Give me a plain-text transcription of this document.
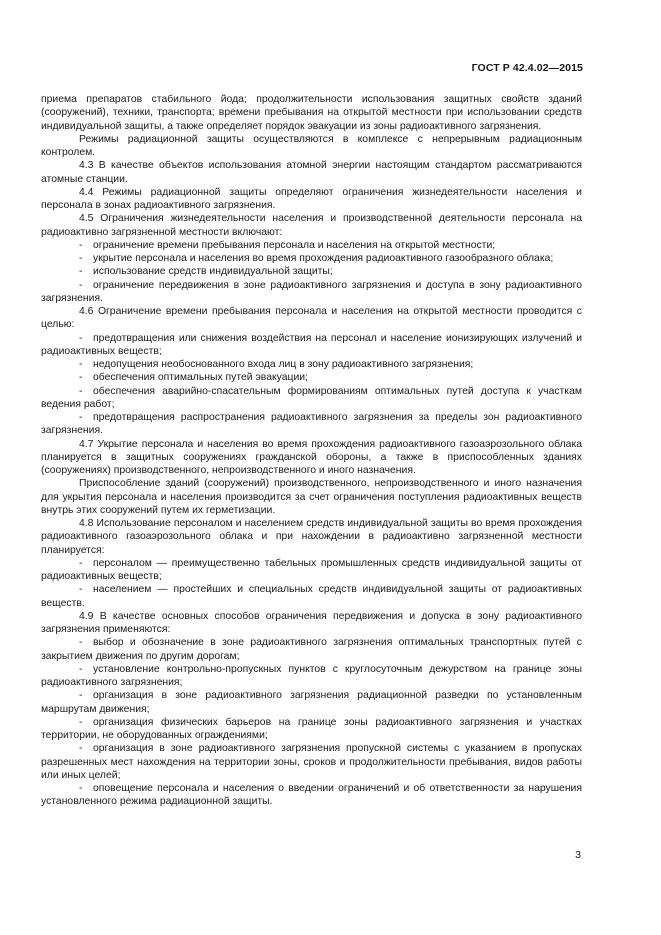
ГОСТ Р 42.4.02—2015

приема препаратов стабильного йода; продолжительности использования защитных свойств зданий (сооружений), техники, транспорта; времени пребывания на открытой местности при использовании средств индивидуальной защиты, а также определяет порядок эвакуации из зоны радиоактивного загрязнения.

Режимы радиационной защиты осуществляются в комплексе с непрерывным радиационным контролем.

4.3 В качестве объектов использования атомной энергии настоящим стандартом рассматриваются атомные станции.

4.4 Режимы радиационной защиты определяют ограничения жизнедеятельности населения и персонала в зонах радиоактивного загрязнения.

4.5 Ограничения жизнедеятельности населения и производственной деятельности персонала на радиоактивно загрязненной местности включают:

- ограничение времени пребывания персонала и населения на открытой местности;

- укрытие персонала и населения во время прохождения радиоактивного газообразного облака;

- использование средств индивидуальной защиты;

- ограничение передвижения в зоне радиоактивного загрязнения и доступа в зону радиоактивного загрязнения.

4.6 Ограничение времени пребывания персонала и населения на открытой местности проводится с целью:

- предотвращения или снижения воздействия на персонал и население ионизирующих излучений и радиоактивных веществ;

- недопущения необоснованного входа лиц в зону радиоактивного загрязнения;

- обеспечения оптимальных путей эвакуации;

- обеспечения аварийно-спасательным формированиям оптимальных путей доступа к участкам ведения работ;

- предотвращения распространения радиоактивного загрязнения за пределы зон радиоактивного загрязнения.

4.7 Укрытие персонала и населения во время прохождения радиоактивного газоаэрозольного облака планируется в защитных сооружениях гражданской обороны, а также в приспособленных зданиях (сооружениях) производственного, непроизводственного и иного назначения.

Приспособление зданий (сооружений) производственного, непроизводственного и иного назначения для укрытия персонала и населения производится за счет ограничения поступления радиоактивных веществ внутрь этих сооружений путем их герметизации.

4.8 Использование персоналом и населением средств индивидуальной защиты во время прохождения радиоактивного газоаэрозольного облака и при нахождении в радиоактивно загрязненной местности планируется:

- персоналом — преимущественно табельных промышленных средств индивидуальной защиты от радиоактивных веществ;

- населением — простейших и специальных средств индивидуальной защиты от радиоактивных веществ.

4.9 В качестве основных способов ограничения передвижения и допуска в зону радиоактивного загрязнения применяются:

- выбор и обозначение в зоне радиоактивного загрязнения оптимальных транспортных путей с закрытием движения по другим дорогам;

- установление контрольно-пропускных пунктов с круглосуточным дежурством на границе зоны радиоактивного загрязнения;

- организация в зоне радиоактивного загрязнения радиационной разведки по установленным маршрутам движения;

- организация физических барьеров на границе зоны радиоактивного загрязнения и участках территории, не оборудованных ограждениями;

- организация в зоне радиоактивного загрязнения пропускной системы с указанием в пропусках разрешенных мест нахождения на территории зоны, сроков и продолжительности пребывания, видов работы или иных целей;

- оповещение персонала и населения о введении ограничений и об ответственности за нарушения установленного режима радиационной защиты.

3
